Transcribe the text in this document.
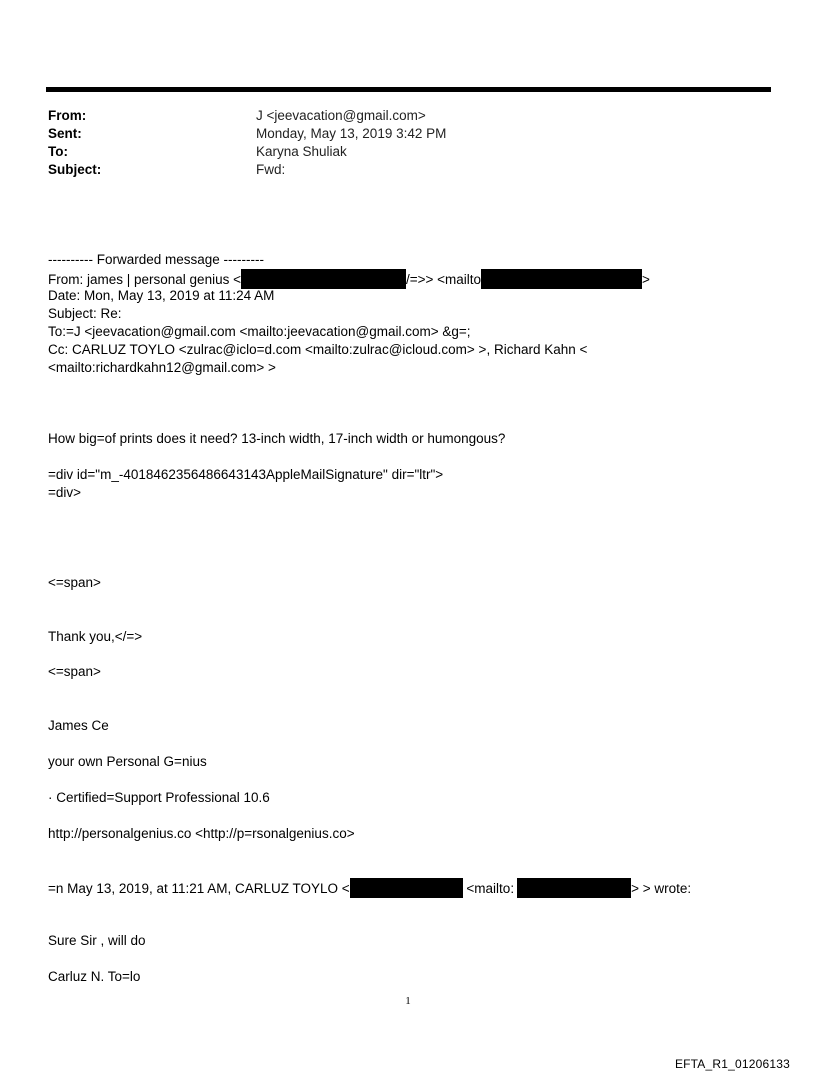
From:	J <jeevacation@gmail.com>
Sent:	Monday, May 13, 2019 3:42 PM
To:	Karyna Shuliak
Subject:	Fwd:
---------- Forwarded message ---------
From: james | personal genius <	/=>> <mailto	>
Date: Mon, May 13, 2019 at 11:24 AM
Subject: Re:
To:=J <jeevacation@gmail.com <mailto:jeevacation@gmail.com> &g=;
Cc: CARLUZ TOYLO <zulrac@iclo=d.com <mailto:zulrac@icloud.com> >, Richard Kahn <
<mailto:richardkahn12@gmail.com> >
How big=of prints does it need? 13-inch width, 17-inch width or humongous?
=div id="m_-4018462356486643143AppleMailSignature" dir="ltr">
=div>
<=span>
Thank you,</=>
<=span>
James Ce
your own Personal G=nius
· Certified=Support Professional 10.6
http://personalgenius.co <http://p=rsonalgenius.co>
=n May 13, 2019, at 11:21 AM, CARLUZ TOYLO <	<mailto:	> > wrote:
Sure Sir , will do
Carluz N. To=lo
1
EFTA_R1_01206133
